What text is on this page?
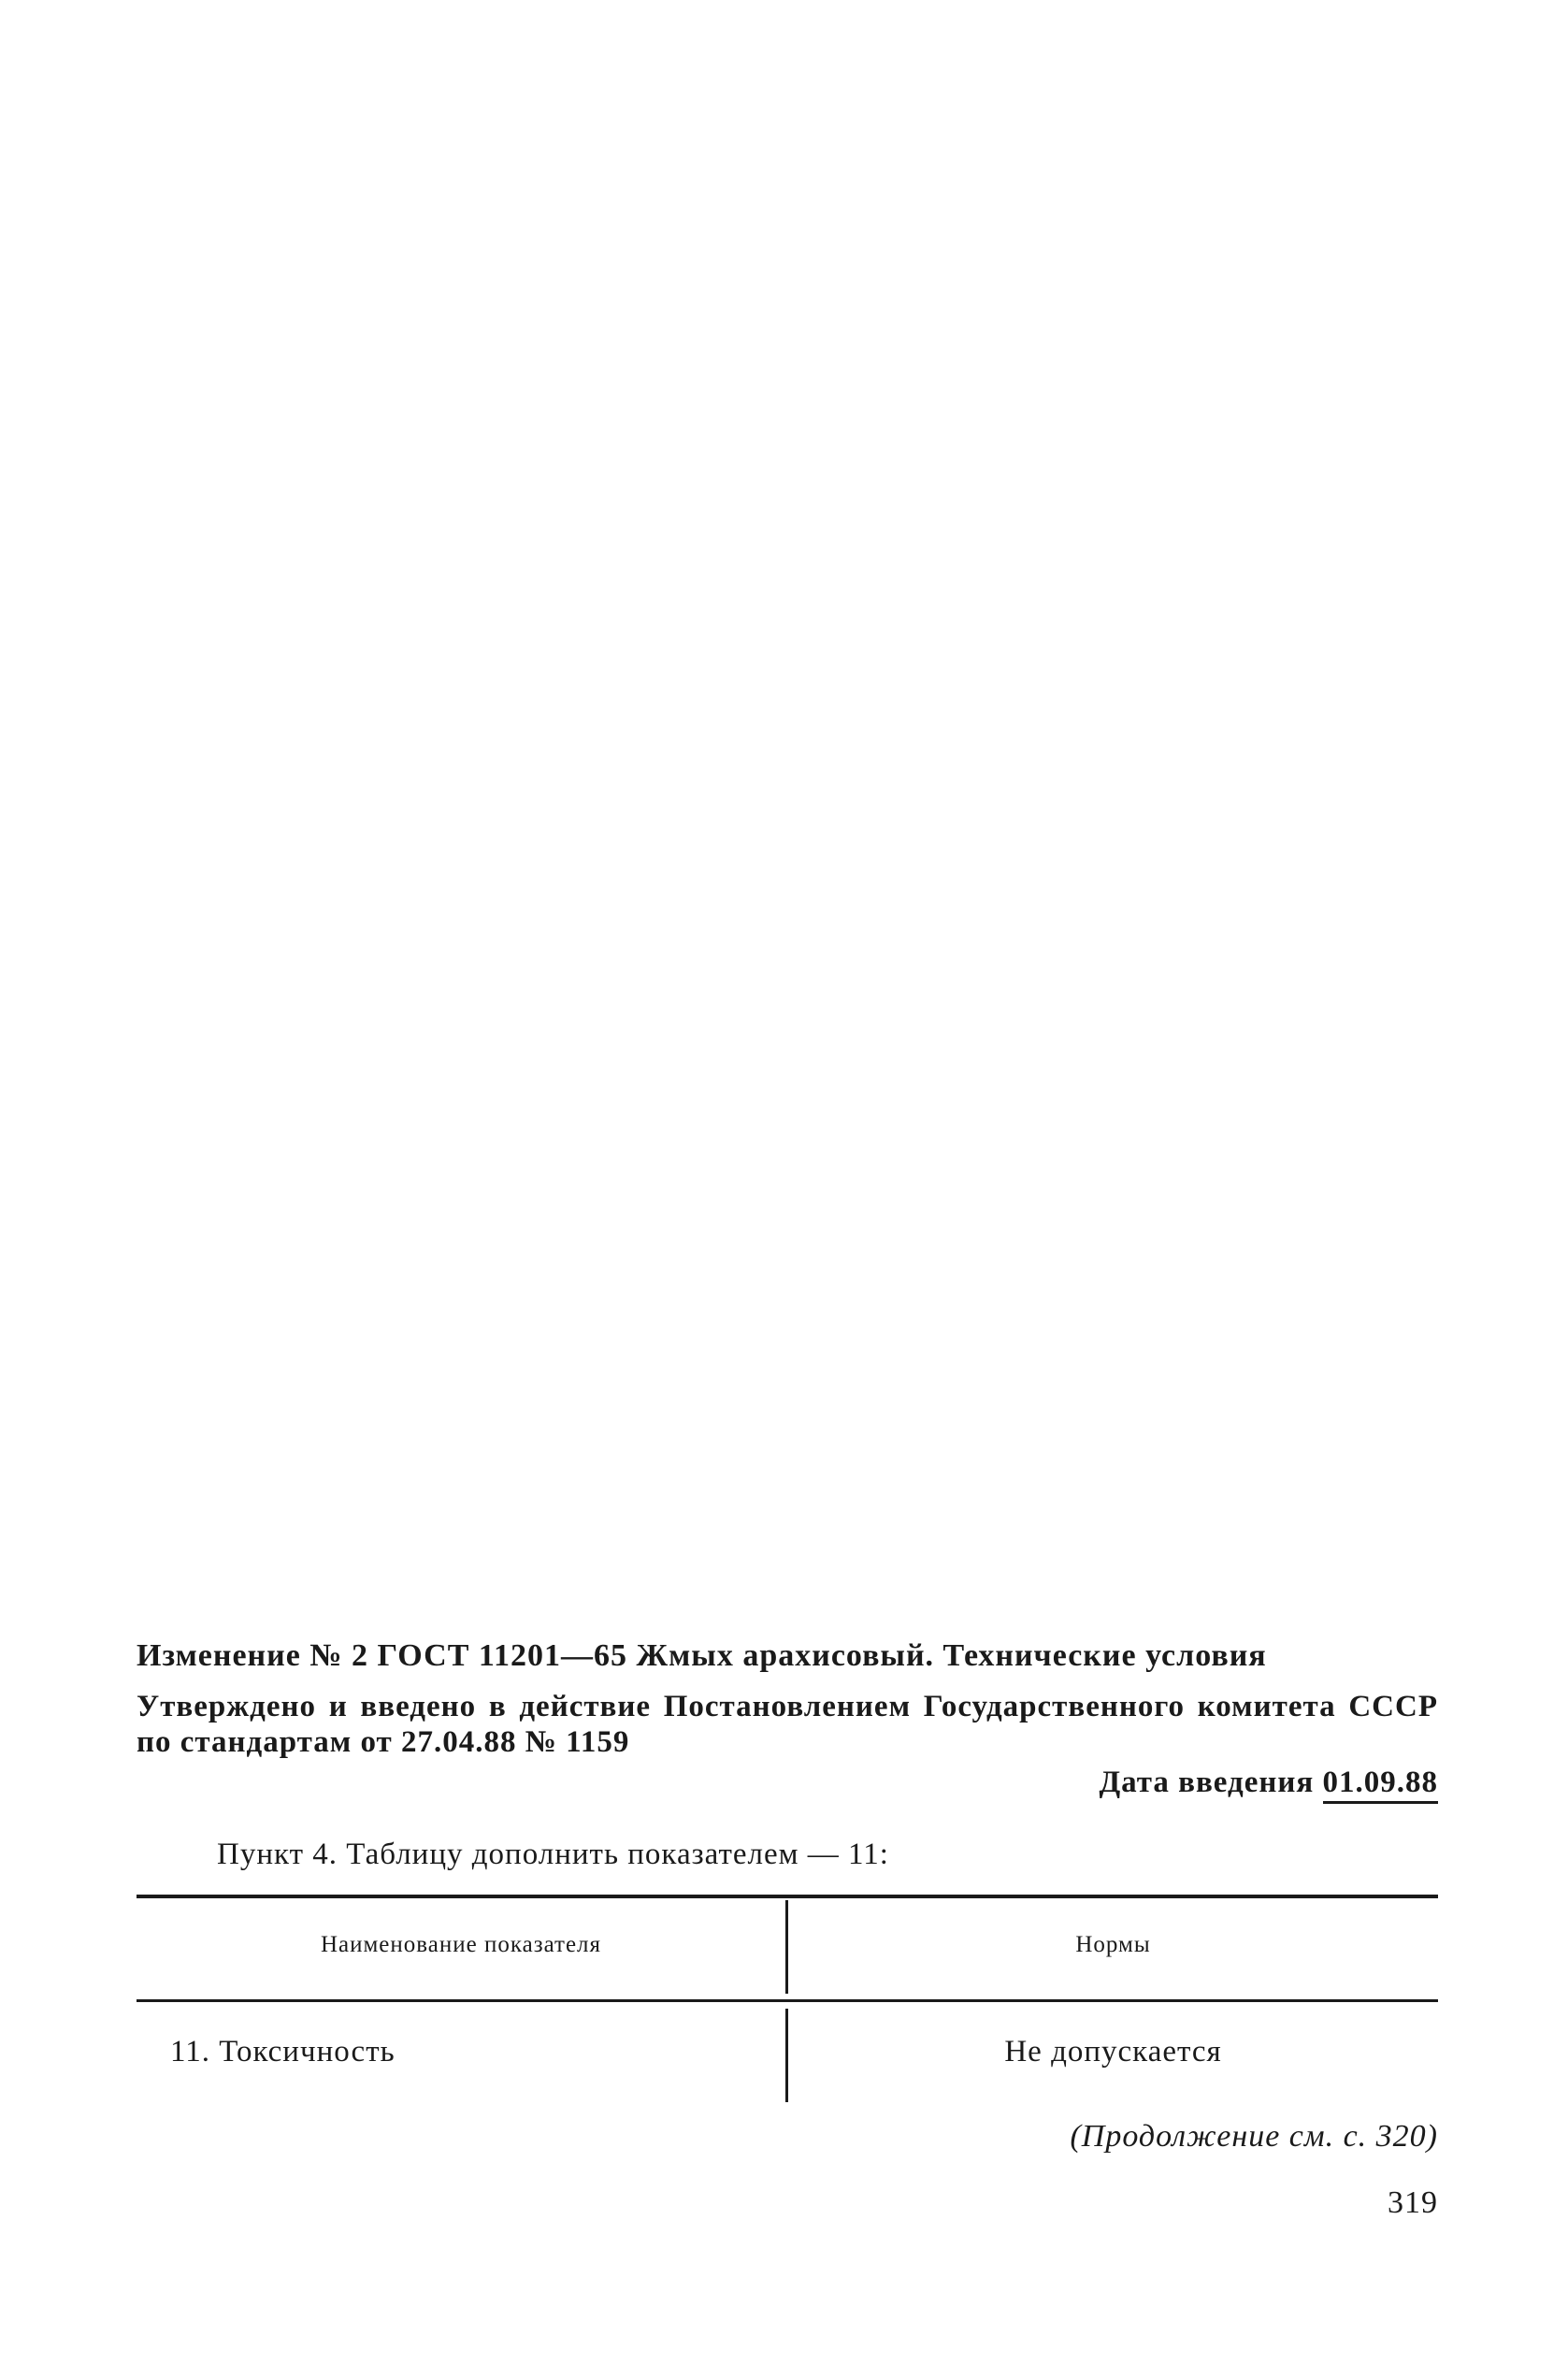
Изменение № 2 ГОСТ 11201—65 Жмых арахисовый. Технические условия
Утверждено и введено в действие Постановлением Государственного комитета СССР по стандартам от 27.04.88 № 1159
Дата введения 01.09.88
Пункт 4. Таблицу дополнить показателем — 11:
Наименование показателя	Нормы
11. Токсичность	Не допускается
(Продолжение см. с. 320)
319
